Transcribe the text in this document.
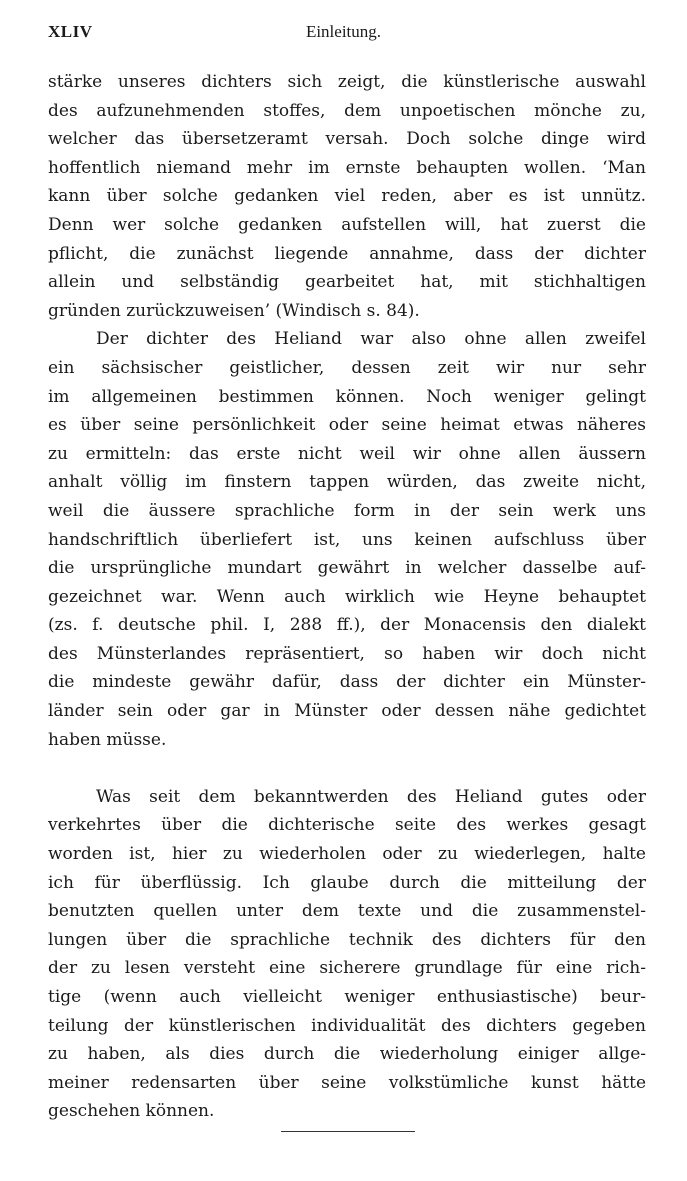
XLIV	Einleitung.
stärke unseres dichters sich zeigt, die künstlerische auswahl
des aufzunehmenden stoffes, dem unpoetischen mönche zu,
welcher das übersetzeramt versah. Doch solche dinge wird
hoffentlich niemand mehr im ernste behaupten wollen. ‘Man
kann über solche gedanken viel reden, aber es ist unnütz.
Denn wer solche gedanken aufstellen will, hat zuerst die
pflicht, die zunächst liegende annahme, dass der dichter
allein und selbständig gearbeitet hat, mit stichhaltigen
gründen zurückzuweisen’ (Windisch s. 84).
Der dichter des Heliand war also ohne allen zweifel
ein sächsischer geistlicher, dessen zeit wir nur sehr
im allgemeinen bestimmen können. Noch weniger gelingt
es über seine persönlichkeit oder seine heimat etwas näheres
zu ermitteln: das erste nicht weil wir ohne allen äussern
anhalt völlig im finstern tappen würden, das zweite nicht,
weil die äussere sprachliche form in der sein werk uns
handschriftlich überliefert ist, uns keinen aufschluss über
die ursprüngliche mundart gewährt in welcher dasselbe auf-
gezeichnet war. Wenn auch wirklich wie Heyne behauptet
(zs. f. deutsche phil. I, 288 ff.), der Monacensis den dialekt
des Münsterlandes repräsentiert, so haben wir doch nicht
die mindeste gewähr dafür, dass der dichter ein Münster-
länder sein oder gar in Münster oder dessen nähe gedichtet
haben müsse.
Was seit dem bekanntwerden des Heliand gutes oder
verkehrtes über die dichterische seite des werkes gesagt
worden ist, hier zu wiederholen oder zu wiederlegen, halte
ich für überflüssig. Ich glaube durch die mitteilung der
benutzten quellen unter dem texte und die zusammenstel-
lungen über die sprachliche technik des dichters für den
der zu lesen versteht eine sicherere grundlage für eine rich-
tige (wenn auch vielleicht weniger enthusiastische) beur-
teilung der künstlerischen individualität des dichters gegeben
zu haben, als dies durch die wiederholung einiger allge-
meiner redensarten über seine volkstümliche kunst hätte
geschehen können.
